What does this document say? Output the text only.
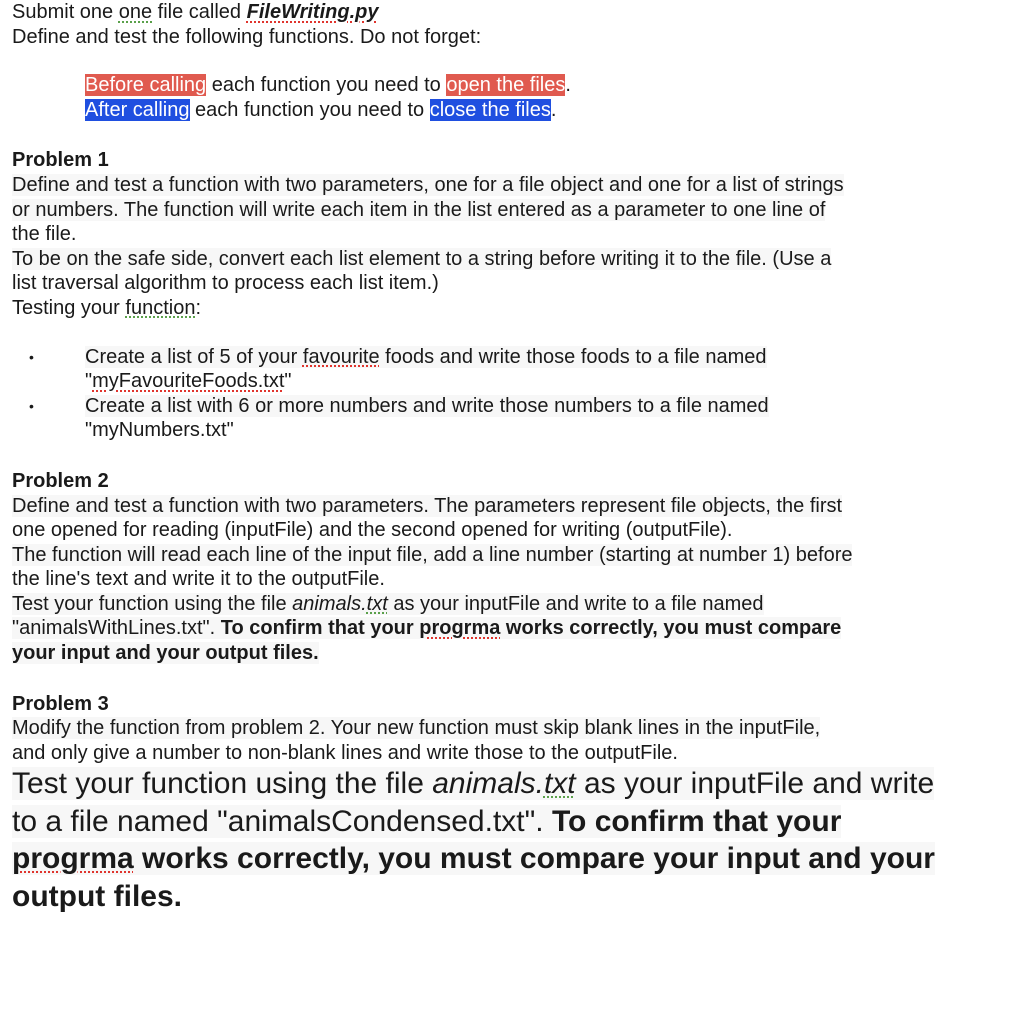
Submit one one file called FileWriting.py
Define and test the following functions. Do not forget:
Before calling each function you need to open the files.
After calling each function you need to close the files.
Problem 1
Define and test a function with two parameters, one for a file object and one for a list of strings
or numbers. The function will write each item in the list entered as a parameter to one line of
the file.
To be on the safe side, convert each list element to a string before writing it to the file. (Use a
list traversal algorithm to process each list item.)
Testing your function:
•	Create a list of 5 of your favourite foods and write those foods to a file named
"myFavouriteFoods.txt"
•	Create a list with 6 or more numbers and write those numbers to a file named
"myNumbers.txt"
Problem 2
Define and test a function with two parameters. The parameters represent file objects, the first
one opened for reading (inputFile) and the second opened for writing (outputFile).
The function will read each line of the input file, add a line number (starting at number 1) before
the line's text and write it to the outputFile.
Test your function using the file animals.txt as your inputFile and write to a file named
"animalsWithLines.txt". To confirm that your progrma works correctly, you must compare
your input and your output files.
Problem 3
Modify the function from problem 2. Your new function must skip blank lines in the inputFile,
and only give a number to non-blank lines and write those to the outputFile.
Test your function using the file animals.txt as your inputFile and write
to a file named "animalsCondensed.txt". To confirm that your
progrma works correctly, you must compare your input and your
output files.
